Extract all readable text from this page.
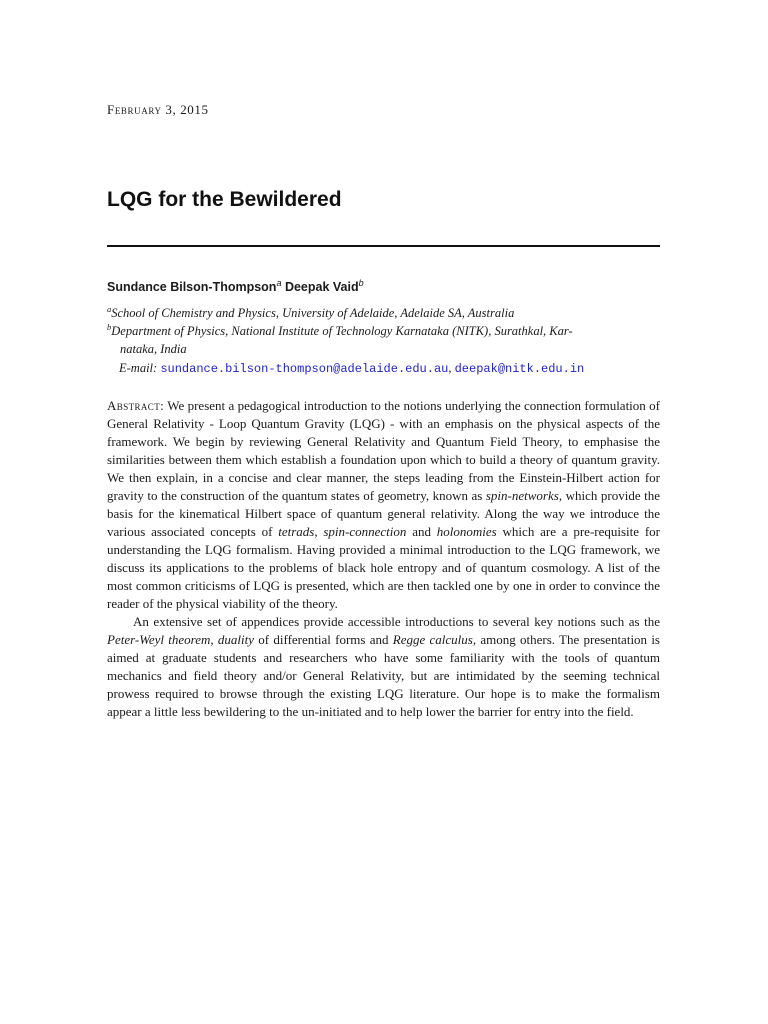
February 3, 2015
LQG for the Bewildered
Sundance Bilson-Thompson$^a$ Deepak Vaid$^b$
$^a$School of Chemistry and Physics, University of Adelaide, Adelaide SA, Australia
$^b$Department of Physics, National Institute of Technology Karnataka (NITK), Surathkal, Kar-
nataka, India
E-mail: sundance.bilson-thompson@adelaide.edu.au, deepak@nitk.edu.in

Abstract: We present a pedagogical introduction to the notions underlying the connection formulation of General Relativity - Loop Quantum Gravity (LQG) - with an emphasis on the physical aspects of the framework. We begin by reviewing General Relativity and Quantum Field Theory, to emphasise the similarities between them which establish a foundation upon which to build a theory of quantum gravity. We then explain, in a concise and clear manner, the steps leading from the Einstein-Hilbert action for gravity to the construction of the quantum states of geometry, known as spin-networks, which provide the basis for the kinematical Hilbert space of quantum general relativity. Along the way we introduce the various associated concepts of tetrads, spin-connection and holonomies which are a pre-requisite for understanding the LQG formalism. Having provided a minimal introduction to the LQG framework, we discuss its applications to the problems of black hole entropy and of quantum cosmology. A list of the most common criticisms of LQG is presented, which are then tackled one by one in order to convince the reader of the physical viability of the theory.

An extensive set of appendices provide accessible introductions to several key notions such as the Peter-Weyl theorem, duality of differential forms and Regge calculus, among others. The presentation is aimed at graduate students and researchers who have some familiarity with the tools of quantum mechanics and field theory and/or General Relativity, but are intimidated by the seeming technical prowess required to browse through the existing LQG literature. Our hope is to make the formalism appear a little less bewildering to the un-initiated and to help lower the barrier for entry into the field.
